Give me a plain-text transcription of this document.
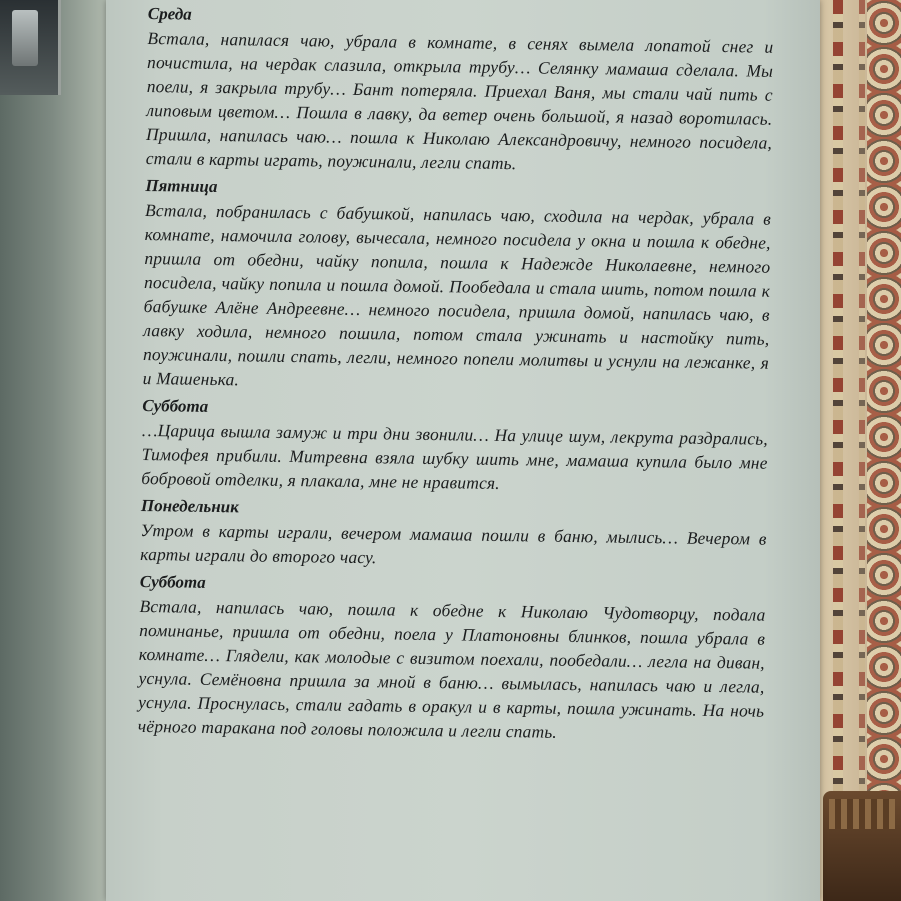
Среда

Встала, напилася чаю, убрала в комнате, в сенях вымела лопатой снег и почистила, на чердак слазила, открыла трубу… Селянку мамаша сделала. Мы поели, я закрыла трубу… Бант потеряла. Приехал Ваня, мы стали чай пить с липовым цветом… Пошла в лавку, да ветер очень большой, я назад воротилась. Пришла, напилась чаю… пошла к Николаю Александровичу, немного посидела, стали в карты играть, поужинали, легли спать.

Пятница

Встала, побранилась с бабушкой, напилась чаю, сходила на чердак, убрала в комнате, намочила голову, вычесала, немного посидела у окна и пошла к обедне, пришла от обедни, чайку попила, пошла к Надежде Николаевне, немного посидела, чайку попила и пошла домой. Пообедала и стала шить, потом пошла к бабушке Алёне Андреевне… немного посидела, пришла домой, напилась чаю, в лавку ходила, немного пошила, потом стала ужинать и настойку пить, поужинали, пошли спать, легли, немного попели молитвы и уснули на лежанке, я и Машенька.

Суббота

…Царица вышла замуж и три дни звонили… На улице шум, лекрута раздрались, Тимофея прибили. Митревна взяла шубку шить мне, мамаша купила было мне бобровой отделки, я плакала, мне не нравится.

Понедельник

Утром в карты играли, вечером мамаша пошли в баню, мылись… Вечером в карты играли до второго часу.

Суббота

Встала, напилась чаю, пошла к обедне к Николаю Чудотворцу, подала поминанье, пришла от обедни, поела у Платоновны блинков, пошла убрала в комнате… Глядели, как молодые с визитом поехали, пообедали… легла на диван, уснула. Семёновна пришла за мной в баню… вымылась, напилась чаю и легла, уснула. Проснулась, стали гадать в оракул и в карты, пошла ужинать. На ночь чёрного таракана под головы положила и легли спать.
